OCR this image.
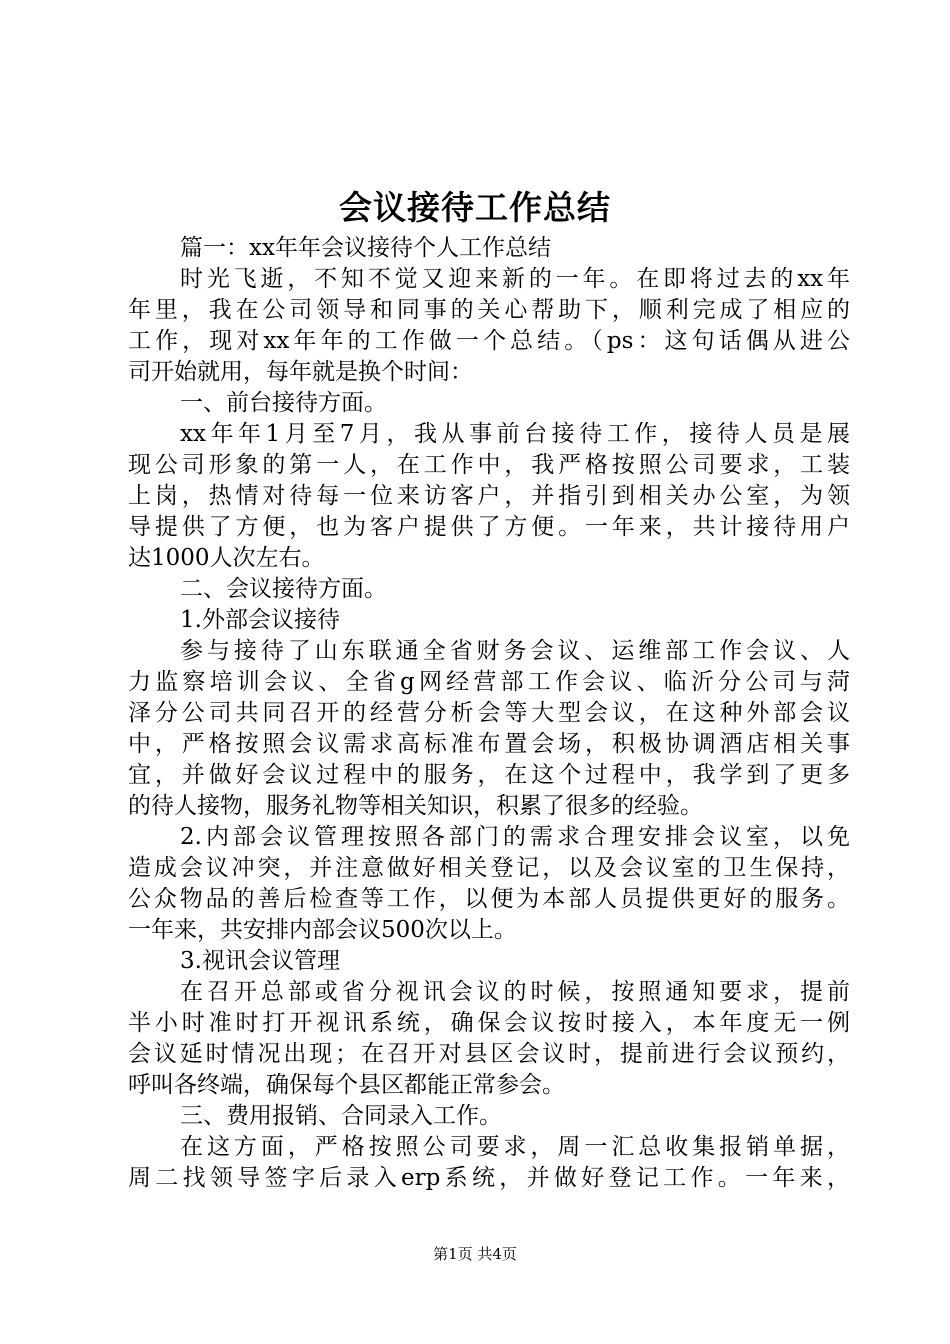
会议接待工作总结
篇一：xx年年会议接待个人工作总结
时光飞逝，不知不觉又迎来新的一年。在即将过去的xx年
年里，我在公司领导和同事的关心帮助下，顺利完成了相应的
工作，现对xx年年的工作做一个总结。（ps：这句话偶从进公
司开始就用，每年就是换个时间：
一、前台接待方面。
xx年年1月至7月，我从事前台接待工作，接待人员是展
现公司形象的第一人，在工作中，我严格按照公司要求，工装
上岗，热情对待每一位来访客户，并指引到相关办公室，为领
导提供了方便，也为客户提供了方便。一年来，共计接待用户
达1000人次左右。
二、会议接待方面。
1.外部会议接待
参与接待了山东联通全省财务会议、运维部工作会议、人
力监察培训会议、全省g网经营部工作会议、临沂分公司与菏
泽分公司共同召开的经营分析会等大型会议，在这种外部会议
中，严格按照会议需求高标准布置会场，积极协调酒店相关事
宜，并做好会议过程中的服务，在这个过程中，我学到了更多
的待人接物，服务礼物等相关知识，积累了很多的经验。
2.内部会议管理按照各部门的需求合理安排会议室，以免
造成会议冲突，并注意做好相关登记，以及会议室的卫生保持，
公众物品的善后检查等工作，以便为本部人员提供更好的服务。
一年来，共安排内部会议500次以上。
3.视讯会议管理
在召开总部或省分视讯会议的时候，按照通知要求，提前
半小时准时打开视讯系统，确保会议按时接入，本年度无一例
会议延时情况出现；在召开对县区会议时，提前进行会议预约，
呼叫各终端，确保每个县区都能正常参会。
三、费用报销、合同录入工作。
在这方面，严格按照公司要求，周一汇总收集报销单据，
周二找领导签字后录入erp系统，并做好登记工作。一年来，
第1页 共4页
